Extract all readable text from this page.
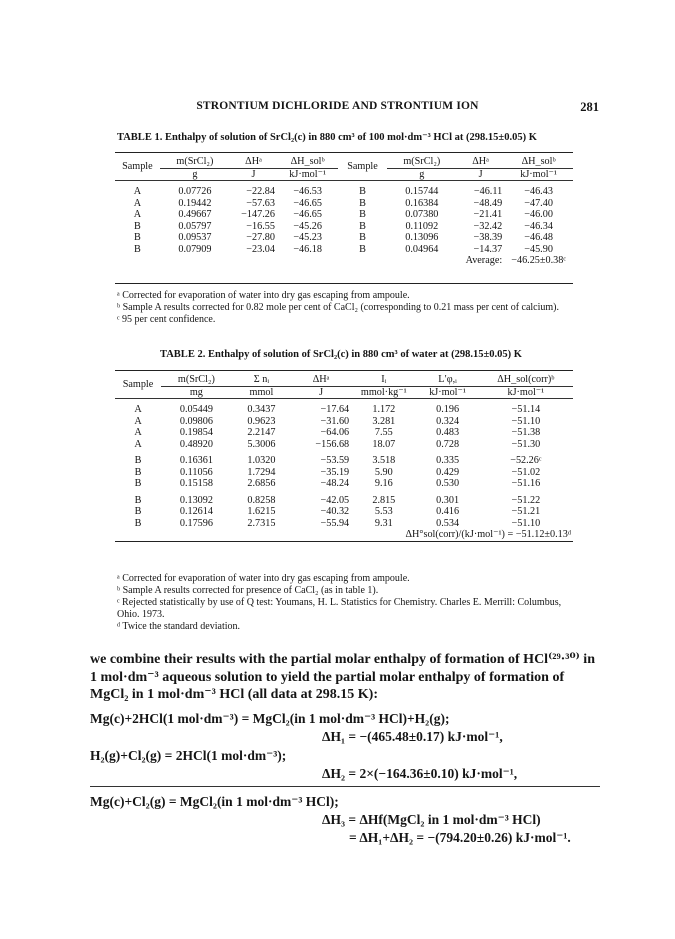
STRONTIUM DICHLORIDE AND STRONTIUM ION	281
TABLE 1. Enthalpy of solution of SrCl₂(c) in 880 cm³ of 100 mol·dm⁻³ HCl at (298.15±0.05) K
Sample	m(SrCl₂)	ΔHᵃ	ΔH_solᵇ	Sample	m(SrCl₂)	ΔHᵃ	ΔH_solᵇ
	g	J	kJ·mol⁻¹		g	J	kJ·mol⁻¹

A	0.07726	−22.84	−46.53	B	0.15744	−46.11	−46.43
A	0.19442	−57.63	−46.65	B	0.16384	−48.49	−47.40
A	0.49667	−147.26	−46.65	B	0.07380	−21.41	−46.00
B	0.05797	−16.55	−45.26	B	0.11092	−32.42	−46.34
B	0.09537	−27.80	−45.23	B	0.13096	−38.39	−46.48
B	0.07909	−23.04	−46.18	B	0.04964	−14.37	−45.90
						Average:	−46.25±0.38ᶜ

ᵃ Corrected for evaporation of water into dry gas escaping from ampoule.

ᵇ Sample A results corrected for 0.82 mole per cent of CaCl₂ (corresponding to 0.21 mass per cent of calcium).

ᶜ 95 per cent confidence.

TABLE 2. Enthalpy of solution of SrCl₂(c) in 880 cm³ of water at (298.15±0.05) K
Sample	m(SrCl₂)	Σ nᵢ	ΔHᵃ	Iᵢ	L′φ,ᵢ	ΔH_sol(corr)ᵇ
	mg	mmol	J	mmol·kg⁻¹	kJ·mol⁻¹	kJ·mol⁻¹

A	0.05449	0.3437	−17.64	1.172	0.196	−51.14
A	0.09806	0.9623	−31.60	3.281	0.324	−51.10
A	0.19854	2.2147	−64.06	7.55	0.483	−51.38
A	0.48920	5.3006	−156.68	18.07	0.728	−51.30

B	0.16361	1.0320	−53.59	3.518	0.335	−52.26ᶜ
B	0.11056	1.7294	−35.19	5.90	0.429	−51.02
B	0.15158	2.6856	−48.24	9.16	0.530	−51.16

B	0.13092	0.8258	−42.05	2.815	0.301	−51.22
B	0.12614	1.6215	−40.32	5.53	0.416	−51.21
B	0.17596	2.7315	−55.94	9.31	0.534	−51.10
			ΔH°sol(corr)/(kJ·mol⁻¹) = −51.12±0.13ᵈ			

ᵃ Corrected for evaporation of water into dry gas escaping from ampoule.

ᵇ Sample A results corrected for presence of CaCl₂ (as in table 1).

ᶜ Rejected statistically by use of Q test: Youmans, H. L. Statistics for Chemistry. Charles E. Merrill: Columbus, Ohio. 1973.

ᵈ Twice the standard deviation.

we combine their results with the partial molar enthalpy of formation of HCl⁽²⁹·³⁰⁾ in 1 mol·dm⁻³ aqueous solution to yield the partial molar enthalpy of formation of MgCl₂ in 1 mol·dm⁻³ HCl (all data at 298.15 K):
Mg(c)+2HCl(1 mol·dm⁻³) = MgCl₂(in 1 mol·dm⁻³ HCl)+H₂(g);
ΔH₁ = −(465.48±0.17) kJ·mol⁻¹,
H₂(g)+Cl₂(g) = 2HCl(1 mol·dm⁻³);
ΔH₂ = 2×(−164.36±0.10) kJ·mol⁻¹,
Mg(c)+Cl₂(g) = MgCl₂(in 1 mol·dm⁻³ HCl);
ΔH₃ = ΔHf(MgCl₂ in 1 mol·dm⁻³ HCl)
= ΔH₁+ΔH₂ = −(794.20±0.26) kJ·mol⁻¹.
